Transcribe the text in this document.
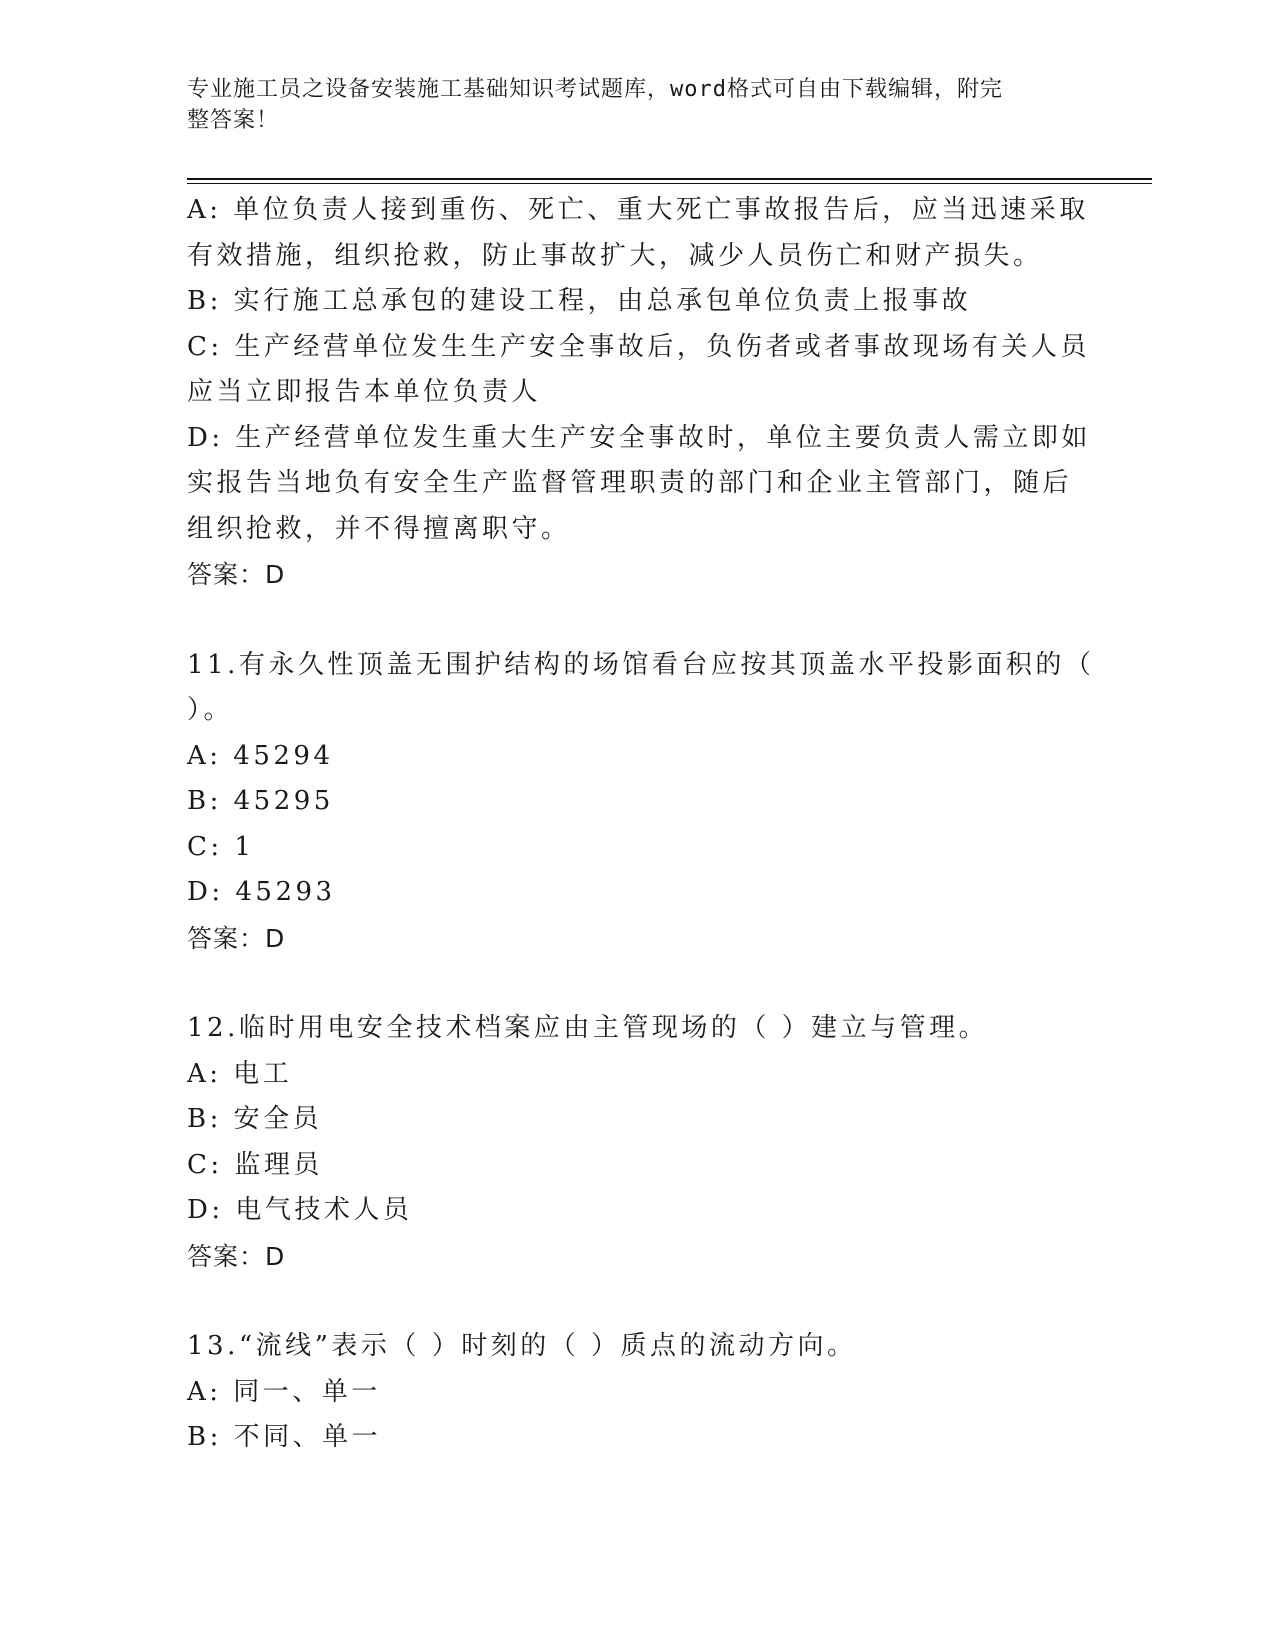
专业施工员之设备安装施工基础知识考试题库，word格式可自由下载编辑，附完
整答案！
A: 单位负责人接到重伤、死亡、重大死亡事故报告后，应当迅速采取
有效措施，组织抢救，防止事故扩大，减少人员伤亡和财产损失。
B: 实行施工总承包的建设工程，由总承包单位负责上报事故
C: 生产经营单位发生生产安全事故后，负伤者或者事故现场有关人员
应当立即报告本单位负责人
D: 生产经营单位发生重大生产安全事故时，单位主要负责人需立即如
实报告当地负有安全生产监督管理职责的部门和企业主管部门，随后
组织抢救，并不得擅离职守。
答案：D
11.有永久性顶盖无围护结构的场馆看台应按其顶盖水平投影面积的（
）。
A: 45294
B: 45295
C: 1
D: 45293
答案：D
12.临时用电安全技术档案应由主管现场的（ ）建立与管理。
A: 电工
B: 安全员
C: 监理员
D: 电气技术人员
答案：D
13.“流线”表示（ ）时刻的（ ）质点的流动方向。
A: 同一、单一
B: 不同、单一
